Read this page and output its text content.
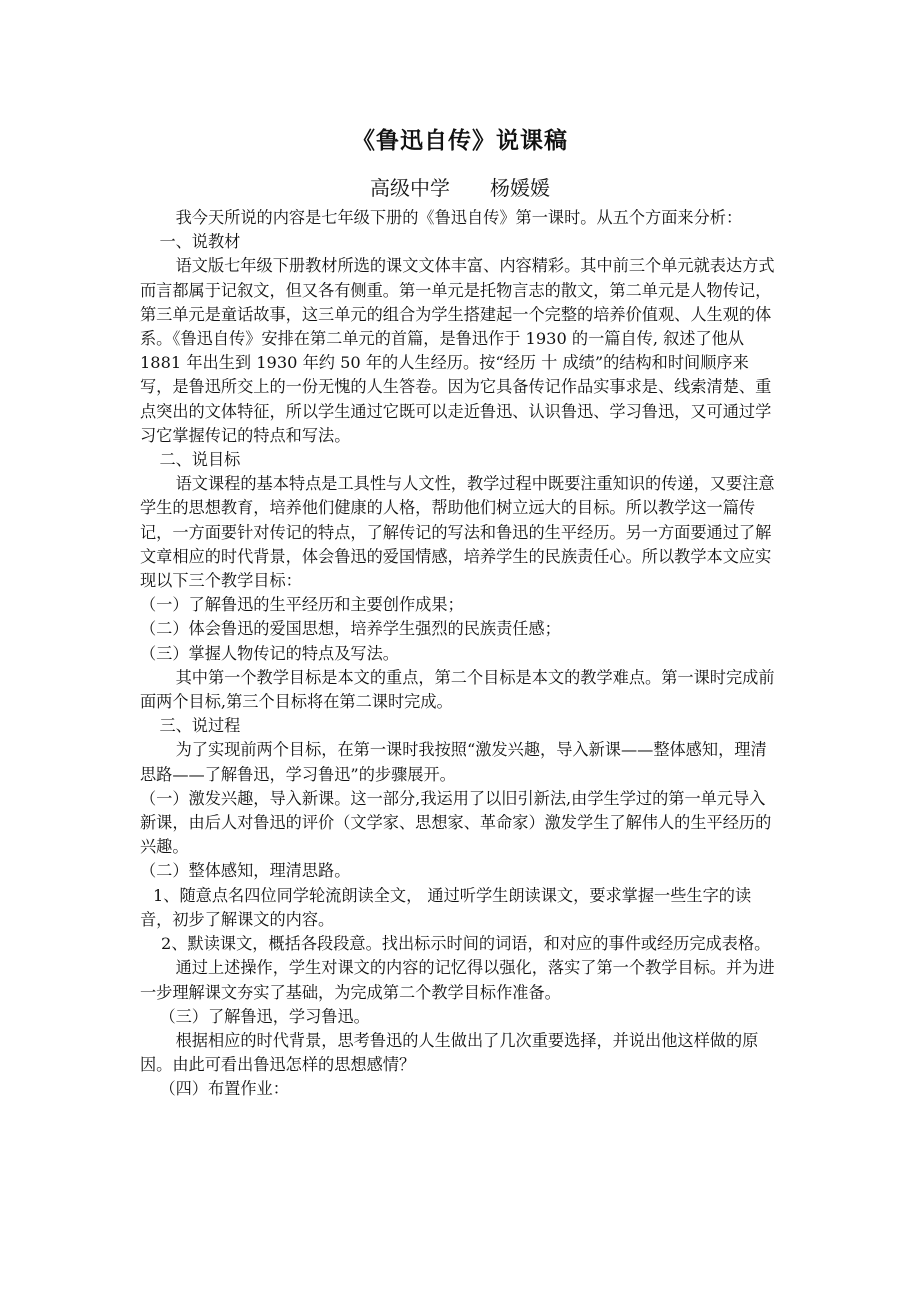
《鲁迅自传》说课稿
高级中学 杨媛媛

我今天所说的内容是七年级下册的《鲁迅自传》第一课时。从五个方面来分析：

一、说教材

语文版七年级下册教材所选的课文文体丰富、内容精彩。其中前三个单元就表达方式而言都属于记叙文，但又各有侧重。第一单元是托物言志的散文，第二单元是人物传记，第三单元是童话故事，这三单元的组合为学生搭建起一个完整的培养价值观、人生观的体系。《鲁迅自传》安排在第二单元的首篇，是鲁迅作于 1930 的一篇自传, 叙述了他从 1881 年出生到 1930 年约 50 年的人生经历。按“经历 十 成绩”的结构和时间顺序来写，是鲁迅所交上的一份无愧的人生答卷。因为它具备传记作品实事求是、线索清楚、重点突出的文体特征，所以学生通过它既可以走近鲁迅、认识鲁迅、学习鲁迅，又可通过学习它掌握传记的特点和写法。

二、说目标

语文课程的基本特点是工具性与人文性，教学过程中既要注重知识的传递，又要注意学生的思想教育，培养他们健康的人格，帮助他们树立远大的目标。所以教学这一篇传记，一方面要针对传记的特点，了解传记的写法和鲁迅的生平经历。另一方面要通过了解文章相应的时代背景，体会鲁迅的爱国情感，培养学生的民族责任心。所以教学本文应实现以下三个教学目标：

（一）了解鲁迅的生平经历和主要创作成果；

（二）体会鲁迅的爱国思想，培养学生强烈的民族责任感；

（三）掌握人物传记的特点及写法。

其中第一个教学目标是本文的重点，第二个目标是本文的教学难点。第一课时完成前面两个目标,第三个目标将在第二课时完成。

三、说过程

为了实现前两个目标，在第一课时我按照“激发兴趣，导入新课——整体感知，理清思路——了解鲁迅，学习鲁迅”的步骤展开。

（一）激发兴趣，导入新课。这一部分,我运用了以旧引新法,由学生学过的第一单元导入新课，由后人对鲁迅的评价（文学家、思想家、革命家）激发学生了解伟人的生平经历的兴趣。

（二）整体感知，理清思路。

1、随意点名四位同学轮流朗读全文， 通过听学生朗读课文，要求掌握一些生字的读音，初步了解课文的内容。

2、默读课文，概括各段段意。找出标示时间的词语，和对应的事件或经历完成表格。

通过上述操作，学生对课文的内容的记忆得以强化，落实了第一个教学目标。并为进一步理解课文夯实了基础，为完成第二个教学目标作准备。

（三）了解鲁迅，学习鲁迅。

根据相应的时代背景，思考鲁迅的人生做出了几次重要选择，并说出他这样做的原因。由此可看出鲁迅怎样的思想感情？

（四）布置作业：
